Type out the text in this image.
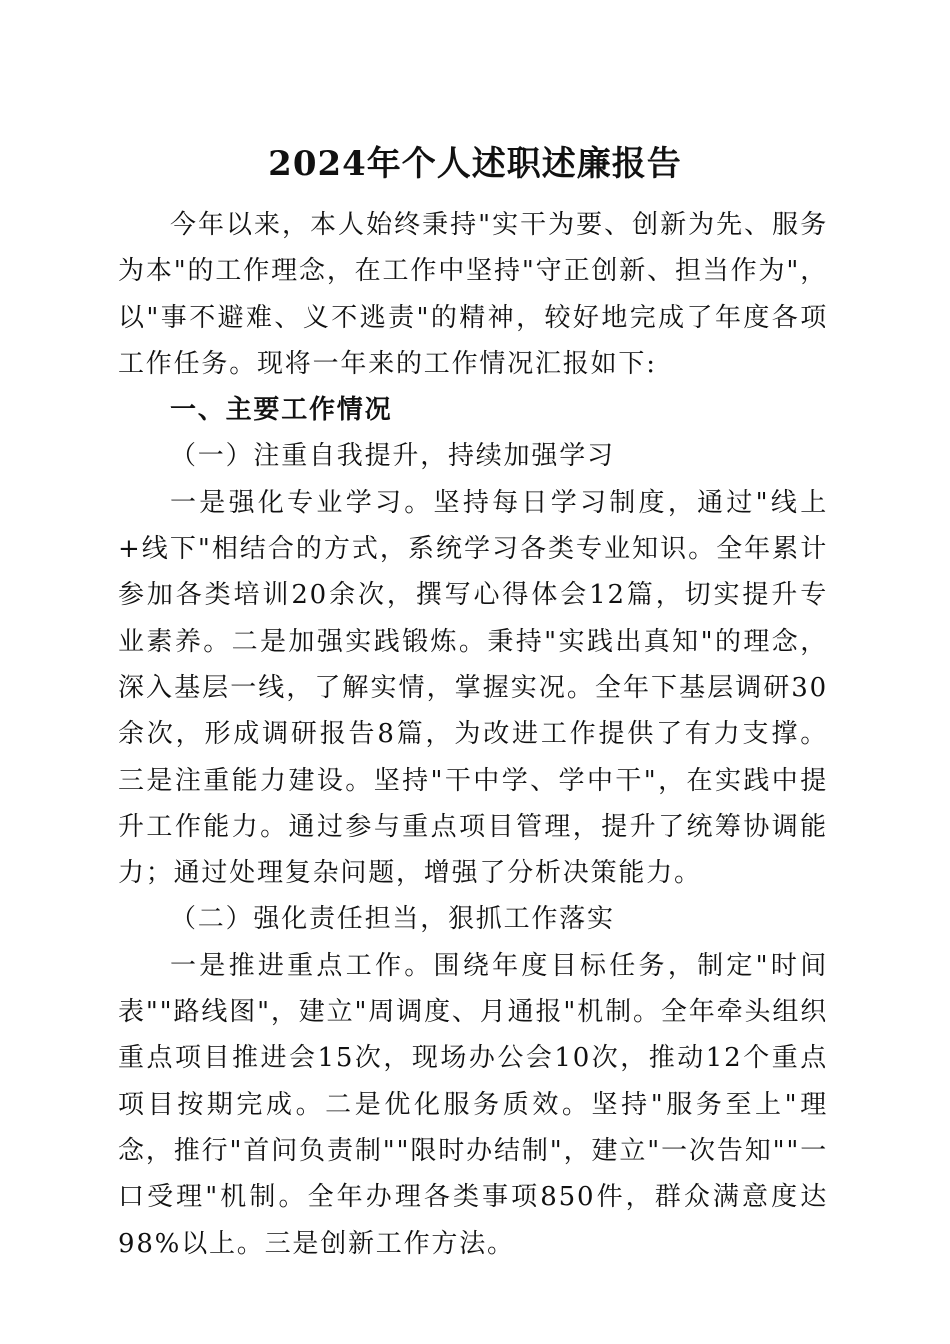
2024年个人述职述廉报告

今年以来，本人始终秉持"实干为要、创新为先、服务为本"的工作理念，在工作中坚持"守正创新、担当作为"，以"事不避难、义不逃责"的精神，较好地完成了年度各项工作任务。现将一年来的工作情况汇报如下:

一、主要工作情况
（一）注重自我提升，持续加强学习

一是强化专业学习。坚持每日学习制度，通过"线上+线下"相结合的方式，系统学习各类专业知识。全年累计参加各类培训20余次，撰写心得体会12篇，切实提升专业素养。二是加强实践锻炼。秉持"实践出真知"的理念，深入基层一线，了解实情，掌握实况。全年下基层调研30余次，形成调研报告8篇，为改进工作提供了有力支撑。三是注重能力建设。坚持"干中学、学中干"，在实践中提升工作能力。通过参与重点项目管理，提升了统筹协调能力；通过处理复杂问题，增强了分析决策能力。

（二）强化责任担当，狠抓工作落实

一是推进重点工作。围绕年度目标任务，制定"时间表""路线图"，建立"周调度、月通报"机制。全年牵头组织重点项目推进会15次，现场办公会10次，推动12个重点项目按期完成。二是优化服务质效。坚持"服务至上"理念，推行"首问负责制""限时办结制"，建立"一次告知""一口受理"机制。全年办理各类事项850件，群众满意度达98%以上。三是创新工作方法。
